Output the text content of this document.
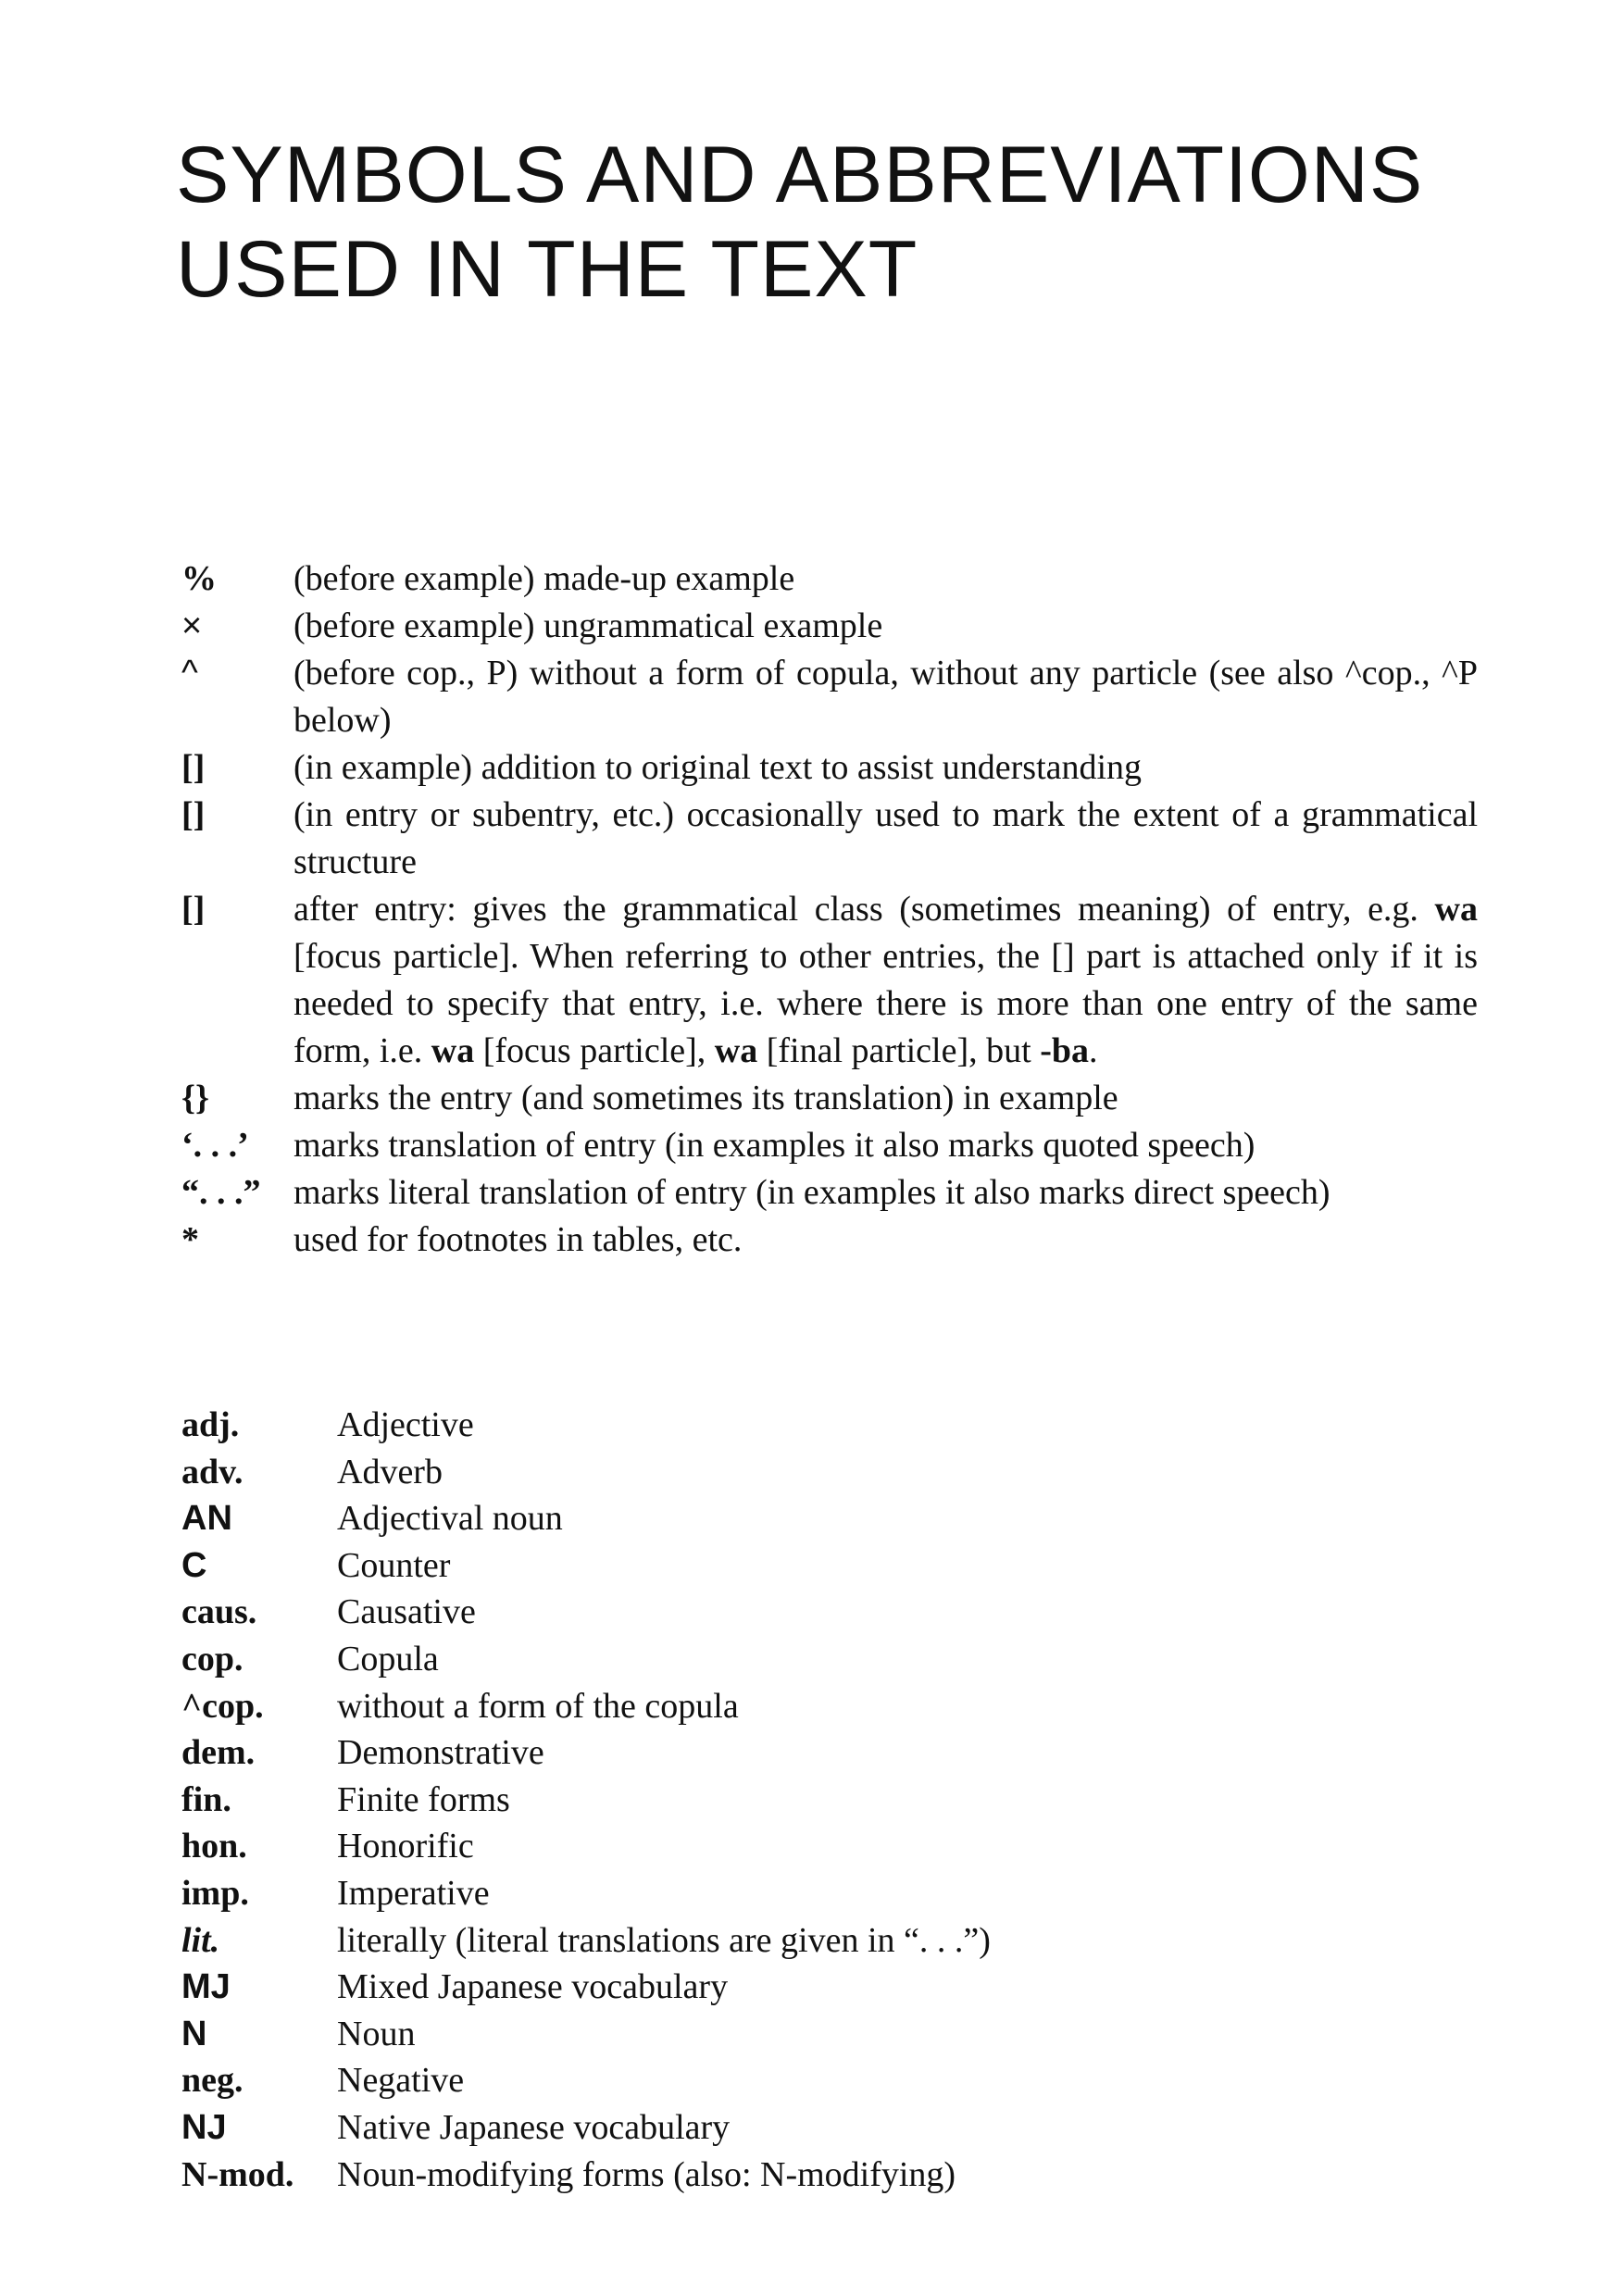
SYMBOLS AND ABBREVIATIONS
USED IN THE TEXT
% (before example) made-up example
×	(before example) ungrammatical example
^	(before cop., P) without a form of copula, without any particle (see also ^cop., ^P below)
[]	(in example) addition to original text to assist understanding
[]	(in entry or subentry, etc.) occasionally used to mark the extent of a grammatical structure
[]	after entry: gives the grammatical class (sometimes meaning) of entry, e.g. wa [focus particle]. When referring to other entries, the [] part is attached only if it is needed to specify that entry, i.e. where there is more than one entry of the same form, i.e. wa [focus particle], wa [final particle], but -ba.
{} marks the entry (and sometimes its translation) in example
‘. . .’ marks translation of entry (in examples it also marks quoted speech)
“. . .” marks literal translation of entry (in examples it also marks direct speech)
*	used for footnotes in tables, etc.
adj.	Adjective
adv.	Adverb
AN	Adjectival noun
C	Counter
caus. Causative
cop.	Copula
^cop. without a form of the copula
dem. Demonstrative
fin.	Finite forms
hon.	Honorific
imp.	Imperative
lit.	literally (literal translations are given in “. . .”)
MJ	Mixed Japanese vocabulary
N	Noun
neg.	Negative
NJ	Native Japanese vocabulary
N-mod. Noun-modifying forms (also: N-modifying)
